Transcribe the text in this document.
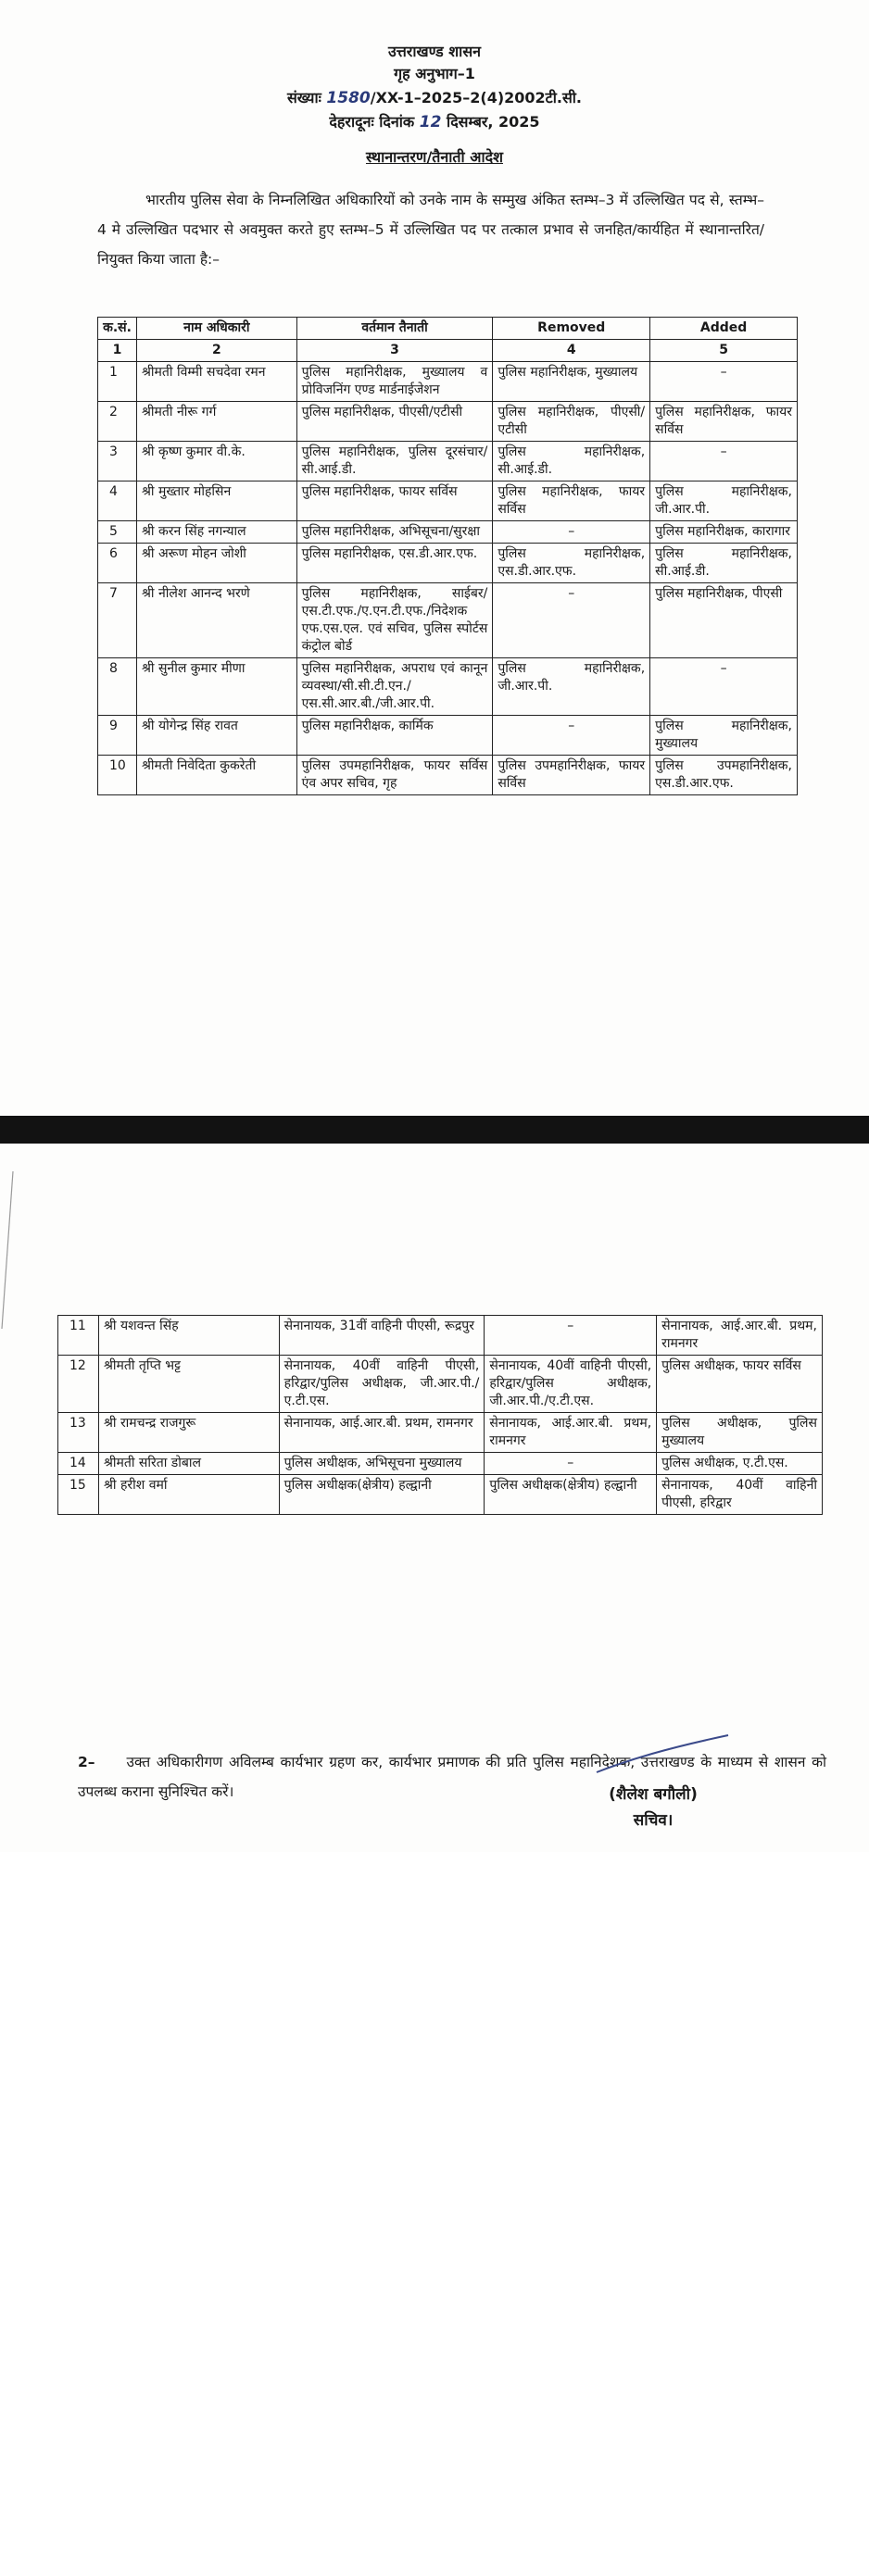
उत्तराखण्ड शासन
गृह अनुभाग–1
संख्याः 1580/XX-1–2025–2(4)2002टी.सी.
देहरादूनः दिनांक 12 दिसम्बर, 2025
स्थानान्तरण/तैनाती आदेश
भारतीय पुलिस सेवा के निम्नलिखित अधिकारियों को उनके नाम के सम्मुख अंकित स्तम्भ–3 में उल्लिखित पद से, स्तम्भ–4 मे उल्लिखित पदभार से अवमुक्त करते हुए स्तम्भ–5 में उल्लिखित पद पर तत्काल प्रभाव से जनहित/कार्यहित में स्थानान्तरित/नियुक्त किया जाता है:–
क.सं.	नाम अधिकारी	वर्तमान तैनाती	Removed	Added
1	2	3	4	5
1	श्रीमती विम्मी सचदेवा रमन	पुलिस महानिरीक्षक, मुख्यालय व प्रोविजनिंग एण्ड मार्डनाईजेशन	पुलिस महानिरीक्षक, मुख्यालय	–
2	श्रीमती नीरू गर्ग	पुलिस महानिरीक्षक, पीएसी/एटीसी	पुलिस महानिरीक्षक, पीएसी/एटीसी	पुलिस महानिरीक्षक, फायर सर्विस
3	श्री कृष्ण कुमार वी.के.	पुलिस महानिरीक्षक, पुलिस दूरसंचार/सी.आई.डी.	पुलिस महानिरीक्षक, सी.आई.डी.	–
4	श्री मुख्तार मोहसिन	पुलिस महानिरीक्षक, फायर सर्विस	पुलिस महानिरीक्षक, फायर सर्विस	पुलिस महानिरीक्षक, जी.आर.पी.
5	श्री करन सिंह नगन्याल	पुलिस महानिरीक्षक, अभिसूचना/सुरक्षा	–	पुलिस महानिरीक्षक, कारागार
6	श्री अरूण मोहन जोशी	पुलिस महानिरीक्षक, एस.डी.आर.एफ.	पुलिस महानिरीक्षक, एस.डी.आर.एफ.	पुलिस महानिरीक्षक, सी.आई.डी.
7	श्री नीलेश आनन्द भरणे	पुलिस महानिरीक्षक, साईबर/एस.टी.एफ./ए.एन.टी.एफ./निदेशक एफ.एस.एल. एवं सचिव, पुलिस स्पोर्टस कंट्रोल बोर्ड	–	पुलिस महानिरीक्षक, पीएसी
8	श्री सुनील कुमार मीणा	पुलिस महानिरीक्षक, अपराध एवं कानून व्यवस्था/सी.सी.टी.एन./एस.सी.आर.बी./जी.आर.पी.	पुलिस महानिरीक्षक, जी.आर.पी.	–
9	श्री योगेन्द्र सिंह रावत	पुलिस महानिरीक्षक, कार्मिक	–	पुलिस महानिरीक्षक, मुख्यालय
10	श्रीमती निवेदिता कुकरेती	पुलिस उपमहानिरीक्षक, फायर सर्विस एंव अपर सचिव, गृह	पुलिस उपमहानिरीक्षक, फायर सर्विस	पुलिस उपमहानिरीक्षक, एस.डी.आर.एफ.
11	श्री यशवन्त सिंह	सेनानायक, 31वीं वाहिनी पीएसी, रूद्रपुर	–	सेनानायक, आई.आर.बी. प्रथम, रामनगर
12	श्रीमती तृप्ति भट्ट	सेनानायक, 40वीं वाहिनी पीएसी, हरिद्वार/पुलिस अधीक्षक, जी.आर.पी./ए.टी.एस.	सेनानायक, 40वीं वाहिनी पीएसी, हरिद्वार/पुलिस अधीक्षक, जी.आर.पी./ए.टी.एस.	पुलिस अधीक्षक, फायर सर्विस
13	श्री रामचन्द्र राजगुरू	सेनानायक, आई.आर.बी. प्रथम, रामनगर	सेनानायक, आई.आर.बी. प्रथम, रामनगर	पुलिस अधीक्षक, पुलिस मुख्यालय
14	श्रीमती सरिता डोबाल	पुलिस अधीक्षक, अभिसूचना मुख्यालय	–	पुलिस अधीक्षक, ए.टी.एस.
15	श्री हरीश वर्मा	पुलिस अधीक्षक(क्षेत्रीय) हल्द्वानी	पुलिस अधीक्षक(क्षेत्रीय) हल्द्वानी	सेनानायक, 40वीं वाहिनी पीएसी, हरिद्वार
2– उक्त अधिकारीगण अविलम्ब कार्यभार ग्रहण कर, कार्यभार प्रमाणक की प्रति पुलिस महानिदेशक, उत्तराखण्ड के माध्यम से शासन को उपलब्ध कराना सुनिश्चित करें।	(शैलेश बगौली)
सचिव।
